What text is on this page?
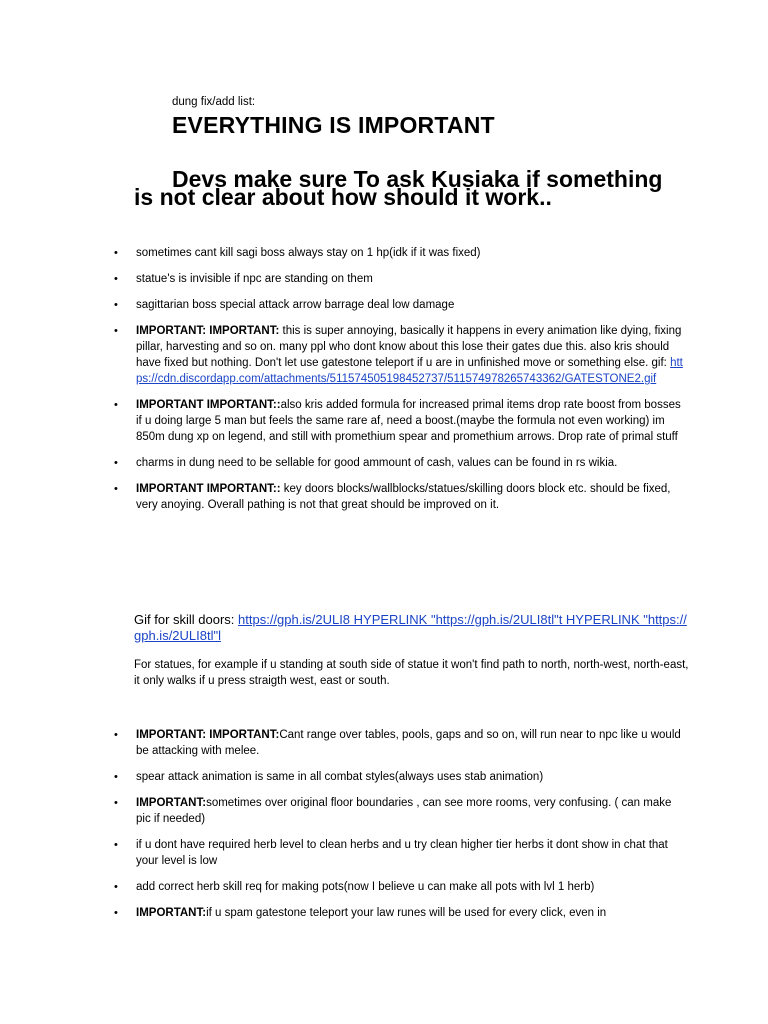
dung fix/add list:
EVERYTHING IS IMPORTANT
Devs make sure To ask Kusiaka if something
is not clear about how should it work..
• sometimes cant kill sagi boss always stay on 1 hp(idk if it was fixed)
• statue's is invisible if npc are standing on them
• sagittarian boss special attack arrow barrage deal low damage
• IMPORTANT: IMPORTANT: this is super annoying, basically it happens in every animation like dying, fixing pillar, harvesting and so on. many ppl who dont know about this lose their gates due this. also kris should have fixed but nothing. Don't let use gatestone teleport if u are in unfinished move or something else. gif: https://cdn.discordapp.com/attachments/511574505198452737/511574978265743362/GATESTONE2.gif
• IMPORTANT IMPORTANT::also kris added formula for increased primal items drop rate boost from bosses if u doing large 5 man but feels the same rare af, need a boost.(maybe the formula not even working) im 850m dung xp on legend, and still with promethium spear and promethium arrows. Drop rate of primal stuff
• charms in dung need to be sellable for good ammount of cash, values can be found in rs wikia.
• IMPORTANT IMPORTANT:: key doors blocks/wallblocks/statues/skilling doors block etc. should be fixed, very anoying. Overall pathing is not that great should be improved on it.
Gif for skill doors: https://gph.is/2ULI8 HYPERLINK "https://gph.is/2ULI8tl"t HYPERLINK "https://gph.is/2ULI8tl"l
For statues, for example if u standing at south side of statue it won't find path to north, north-west, north-east, it only walks if u press straigth west, east or south.
• IMPORTANT: IMPORTANT:Cant range over tables, pools, gaps and so on, will run near to npc like u would be attacking with melee.
• spear attack animation is same in all combat styles(always uses stab animation)
• IMPORTANT:sometimes over original floor boundaries , can see more rooms, very confusing. ( can make pic if needed)
• if u dont have required herb level to clean herbs and u try clean higher tier herbs it dont show in chat that your level is low
• add correct herb skill req for making pots(now I believe u can make all pots with lvl 1 herb)
• IMPORTANT:if u spam gatestone teleport your law runes will be used for every click, even in
